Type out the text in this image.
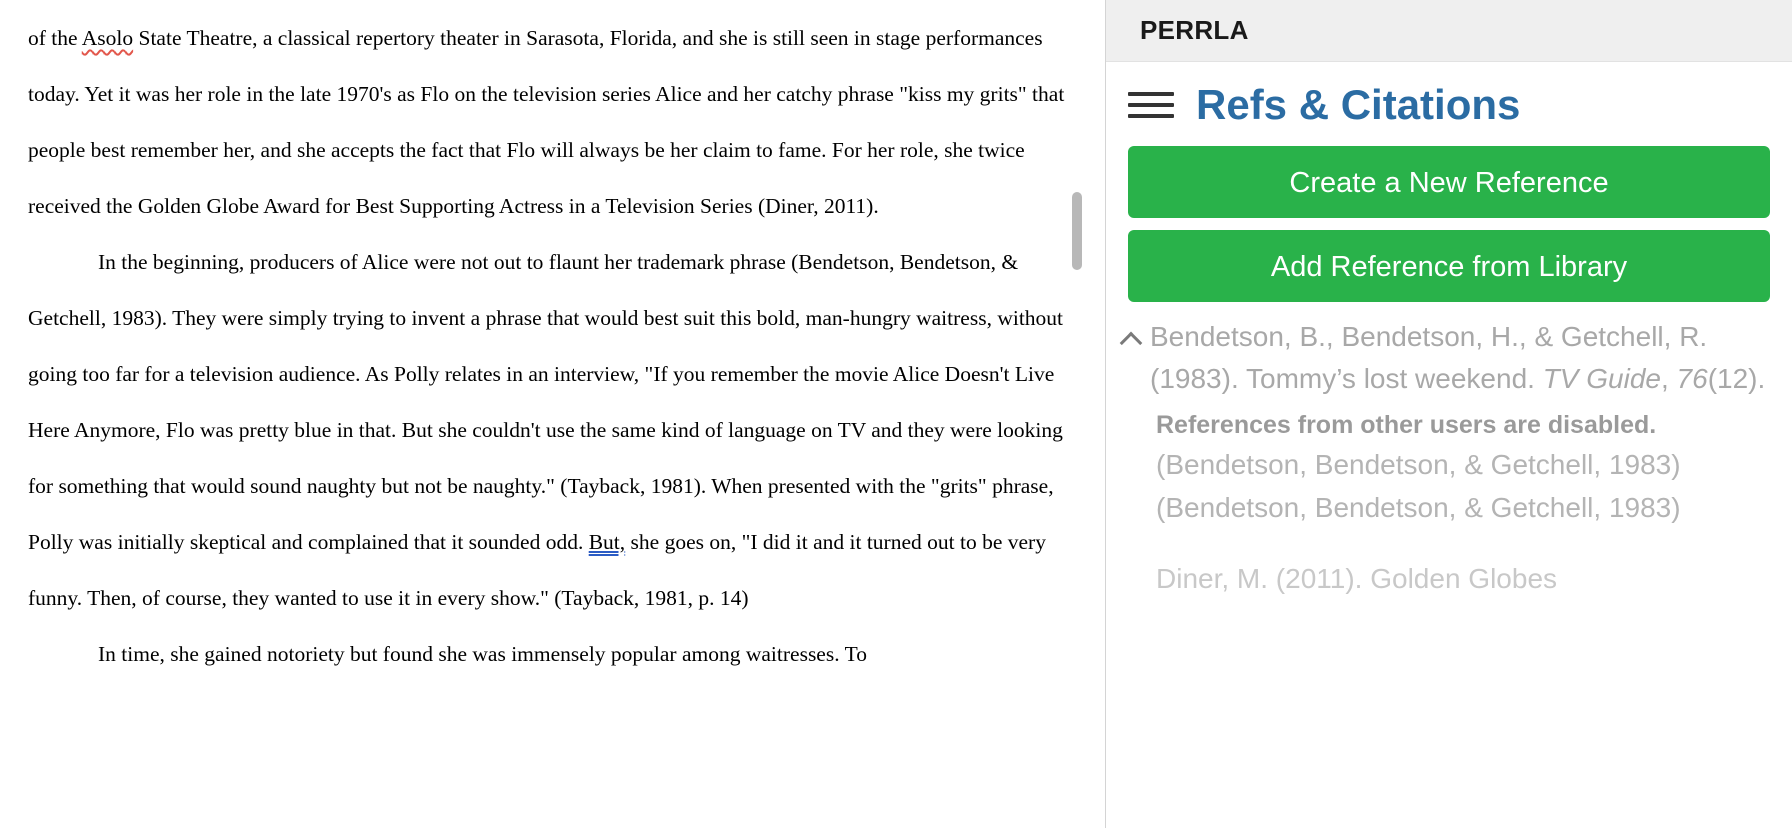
of the Asolo State Theatre, a classical repertory theater in Sarasota, Florida, and she is still seen in stage performances today. Yet it was her role in the late 1970's as Flo on the television series Alice and her catchy phrase "kiss my grits" that people best remember her, and she accepts the fact that Flo will always be her claim to fame. For her role, she twice received the Golden Globe Award for Best Supporting Actress in a Television Series (Diner, 2011).

In the beginning, producers of Alice were not out to flaunt her trademark phrase (Bendetson, Bendetson, & Getchell, 1983). They were simply trying to invent a phrase that would best suit this bold, man-hungry waitress, without going too far for a television audience. As Polly relates in an interview, "If you remember the movie Alice Doesn't Live Here Anymore, Flo was pretty blue in that. But she couldn't use the same kind of language on TV and they were looking for something that would sound naughty but not be naughty." (Tayback, 1981). When presented with the "grits" phrase, Polly was initially skeptical and complained that it sounded odd. But, she goes on, "I did it and it turned out to be very funny. Then, of course, they wanted to use it in every show." (Tayback, 1981, p. 14)

In time, she gained notoriety but found she was immensely popular among waitresses. To

PERRLA
Refs & Citations
Create a New Reference
Add Reference from Library
Bendetson, B., Bendetson, H., & Getchell, R. (1983). Tommy’s lost weekend. TV Guide, 76(12).
References from other users are disabled.
(Bendetson, Bendetson, & Getchell, 1983)
(Bendetson, Bendetson, & Getchell, 1983)
Diner, M. (2011). Golden Globes
